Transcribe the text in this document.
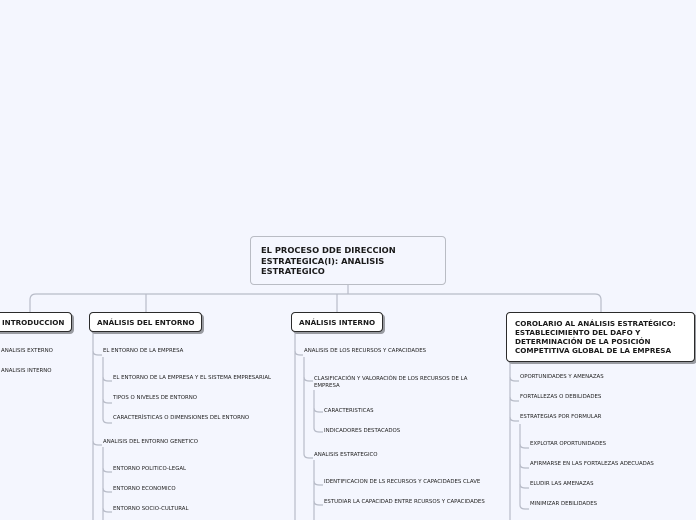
EL PROCESO DDE DIRECCION ESTRATEGICA(I): ANALISIS ESTRATEGICO
INTRODUCCION
ANALISIS EXTERNO
ANALISIS INTERNO
ANÁLISIS DEL ENTORNO
EL ENTORNO DE LA EMPRESA
EL ENTORNO DE LA EMPRESA Y EL SISTEMA EMPRESARIAL
TIPOS O NIVELES DE ENTORNO
CARACTERÍSTICAS O DIMENSIONES DEL ENTORNO
ANALISIS DEL ENTORNO GENETICO
ENTORNO POLITICO-LEGAL
ENTORNO ECONOMICO
ENTORNO SOCIO-CULTURAL
ANÁLISIS INTERNO
ANALISIS DE LOS RECURSOS Y CAPACIDADES
CLASIFICACIÓN Y VALORACIÓN DE LOS RECURSOS DE LA EMPRESA
CARACTERISTICAS
INDICADORES DESTACADOS
ANALISIS ESTRATEGICO
IDENTIFICACION DE LS RECURSOS Y CAPACIDADES CLAVE
ESTUDIAR LA CAPACIDAD ENTRE RCURSOS Y CAPACIDADES
COROLARIO AL ANÁLISIS ESTRATÉGICO: ESTABLECIMIENTO DEL DAFO Y DETERMINACIÓN DE LA POSICIÓN COMPETITIVA GLOBAL DE LA EMPRESA
OPORTUNIDADES Y AMENAZAS
FORTALLEZAS O DEBILIDADES
ESTRATEGIAS POR FORMULAR
EXPLOTAR OPORTUNIDADES
AFIRMARSE EN LAS FORTALEZAS ADECUADAS
ELUDIR LAS AMENAZAS
MINIMIZAR DEBILIDADES
